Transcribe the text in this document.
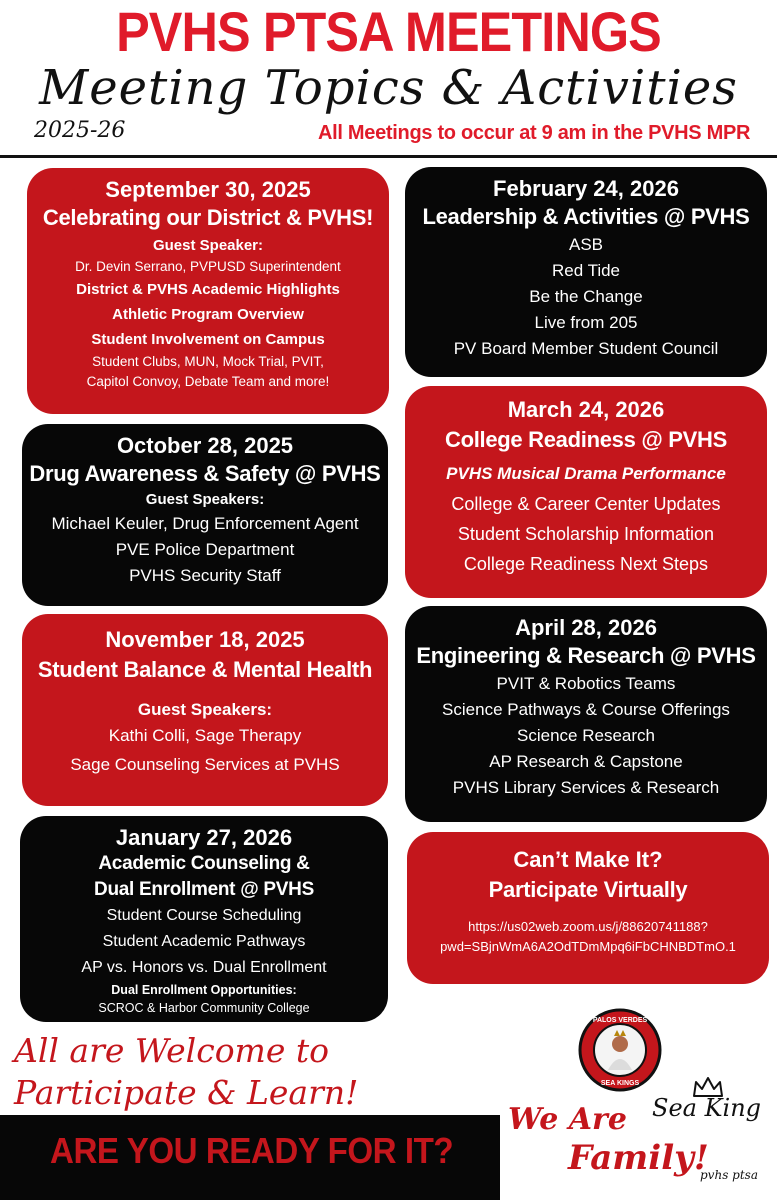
PVHS PTSA MEETINGS
Meeting Topics & Activities
2025-26	All Meetings to occur at 9 am in the PVHS MPR
September 30, 2025
Celebrating our District & PVHS!
Guest Speaker:
Dr. Devin Serrano, PVPUSD Superintendent
District & PVHS Academic Highlights
Athletic Program Overview
Student Involvement on Campus
Student Clubs, MUN, Mock Trial, PVIT,
Capitol Convoy, Debate Team and more!
October 28, 2025
Drug Awareness & Safety @ PVHS
Guest Speakers:
Michael Keuler, Drug Enforcement Agent
PVE Police Department
PVHS Security Staff
November 18, 2025
Student Balance & Mental Health
Guest Speakers:
Kathi Colli, Sage Therapy
Sage Counseling Services at PVHS
January 27, 2026
Academic Counseling &
Dual Enrollment @ PVHS
Student Course Scheduling
Student Academic Pathways
AP vs. Honors vs. Dual Enrollment
Dual Enrollment Opportunities:
SCROC & Harbor Community College
February 24, 2026
Leadership & Activities @ PVHS
ASB
Red Tide
Be the Change
Live from 205
PV Board Member Student Council
March 24, 2026
College Readiness @ PVHS
PVHS Musical Drama Performance
College & Career Center Updates
Student Scholarship Information
College Readiness Next Steps
April 28, 2026
Engineering & Research @ PVHS
PVIT & Robotics Teams
Science Pathways & Course Offerings
Science Research
AP Research & Capstone
PVHS Library Services & Research
Can’t Make It?
Participate Virtually
https://us02web.zoom.us/j/88620741188?
pwd=SBjnWmA6A2OdTDmMpq6iFbCHNBDTmO.1
All are Welcome to
Participate & Learn!
ARE YOU READY FOR IT?
PALOS VERDES
SEA KINGS
We Are Sea King
Family!
pvhs ptsa
